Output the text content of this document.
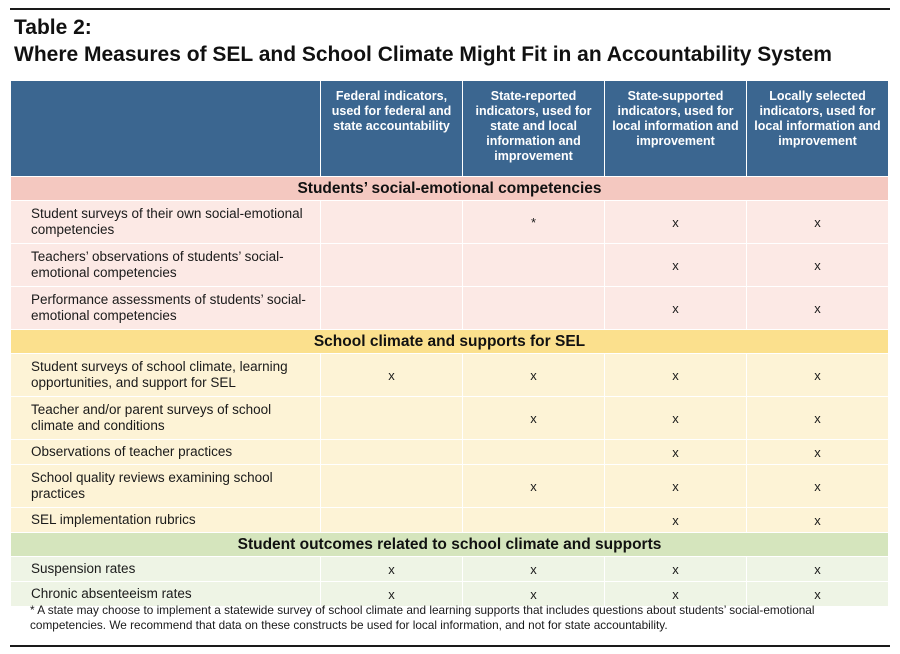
Table 2:
Where Measures of SEL and School Climate Might Fit in an Accountability System
	Federal indicators, used for federal and state accountability	State-reported indicators, used for state and local information and improvement	State-supported indicators, used for local information and improvement	Locally selected indicators, used for local information and improvement
Students’ social-emotional competencies				
Student surveys of their own social-emotional competencies		*	x	x
Teachers’ observations of students’ social-emotional competencies			x	x
Performance assessments of students’ social-emotional competencies			x	x
School climate and supports for SEL				
Student surveys of school climate, learning opportunities, and support for SEL	x	x	x	x
Teacher and/or parent surveys of school climate and conditions		x	x	x
Observations of teacher practices			x	x
School quality reviews examining school practices		x	x	x
SEL implementation rubrics			x	x
Student outcomes related to school climate and supports				
Suspension rates	x	x	x	x
Chronic absenteeism rates	x	x	x	x
* A state may choose to implement a statewide survey of school climate and learning supports that includes questions about students’ social-emotional competencies. We recommend that data on these constructs be used for local information, and not for state accountability.
